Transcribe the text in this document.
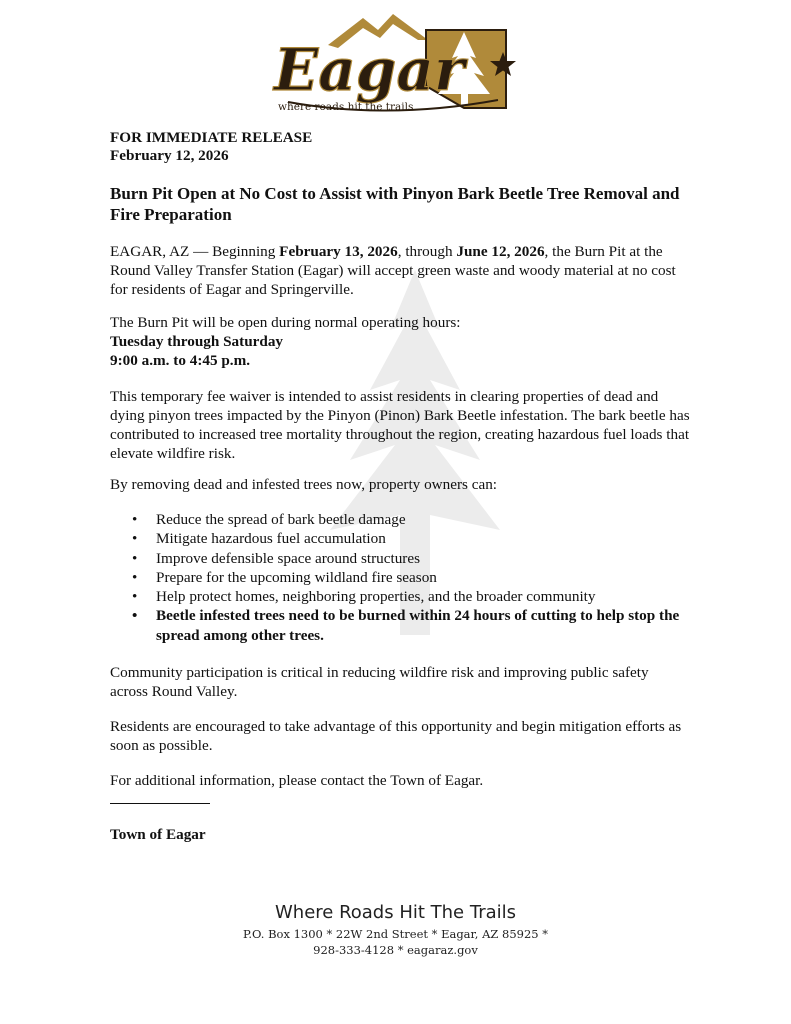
Eagar
where roads hit the trails
FOR IMMEDIATE RELEASE
February 12, 2026
Burn Pit Open at No Cost to Assist with Pinyon Bark Beetle Tree Removal and Fire Preparation

EAGAR, AZ — Beginning February 13, 2026, through June 12, 2026, the Burn Pit at the Round Valley Transfer Station (Eagar) will accept green waste and woody material at no cost for residents of Eagar and Springerville.

The Burn Pit will be open during normal operating hours:
Tuesday through Saturday
9:00 a.m. to 4:45 p.m.

This temporary fee waiver is intended to assist residents in clearing properties of dead and dying pinyon trees impacted by the Pinyon (Pinon) Bark Beetle infestation. The bark beetle has contributed to increased tree mortality throughout the region, creating hazardous fuel loads that elevate wildfire risk.

By removing dead and infested trees now, property owners can:

• Reduce the spread of bark beetle damage
• Mitigate hazardous fuel accumulation
• Improve defensible space around structures
• Prepare for the upcoming wildland fire season
• Help protect homes, neighboring properties, and the broader community
• Beetle infested trees need to be burned within 24 hours of cutting to help stop the spread among other trees.

Community participation is critical in reducing wildfire risk and improving public safety across Round Valley.

Residents are encouraged to take advantage of this opportunity and begin mitigation efforts as soon as possible.

For additional information, please contact the Town of Eagar.

Town of Eagar
Where Roads Hit The Trails
P.O. Box 1300 * 22W 2nd Street * Eagar, AZ 85925 *
928-333-4128 * eagaraz.gov
